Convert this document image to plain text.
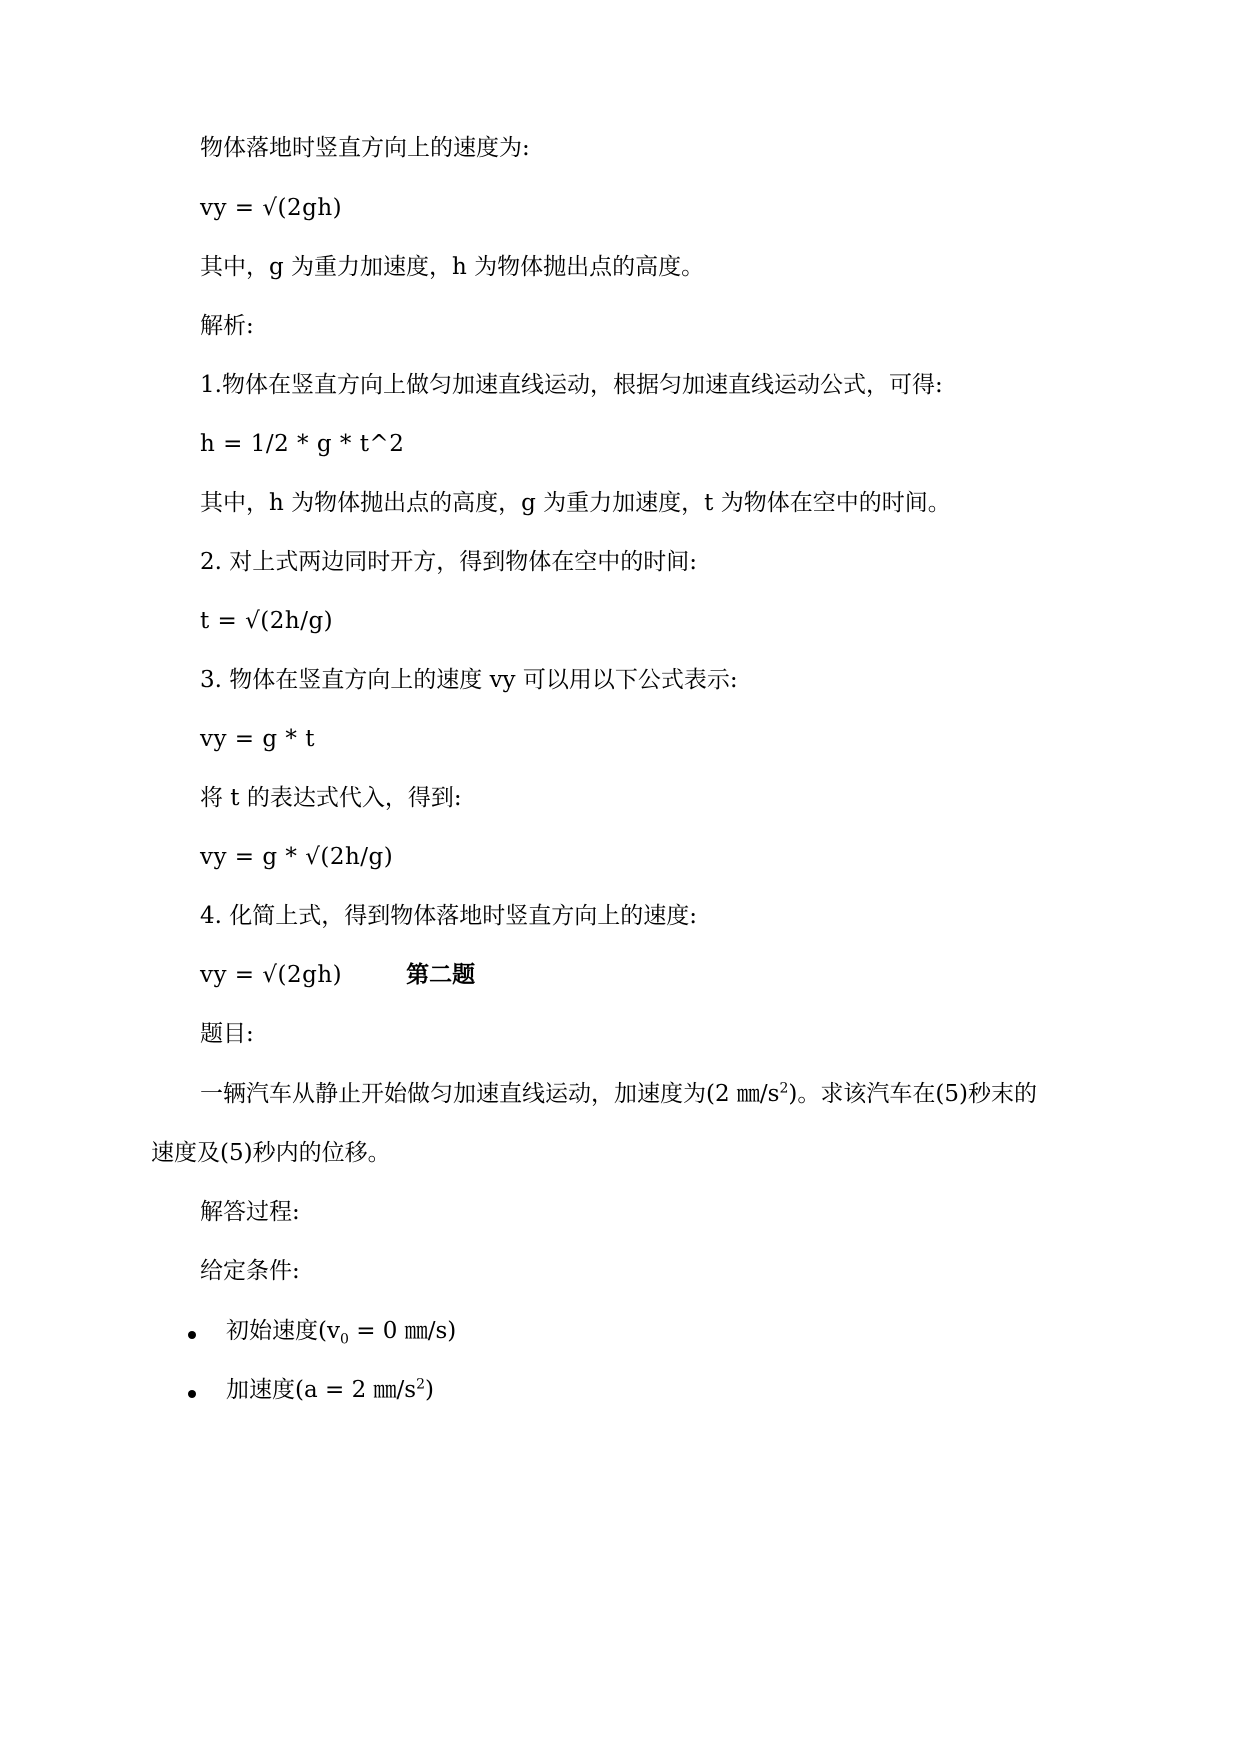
物体落地时竖直方向上的速度为:
vy = √(2gh)
其中，g 为重力加速度，h 为物体抛出点的高度。
解析:
1.物体在竖直方向上做匀加速直线运动，根据匀加速直线运动公式，可得:
h = 1/2 * g * t^2
其中，h 为物体抛出点的高度，g 为重力加速度，t 为物体在空中的时间。
2. 对上式两边同时开方，得到物体在空中的时间:
t = √(2h/g)
3. 物体在竖直方向上的速度 vy 可以用以下公式表示:
vy = g * t
将 t 的表达式代入，得到:
vy = g * √(2h/g)
4. 化简上式，得到物体落地时竖直方向上的速度:
vy = √(2gh)	第二题
题目:
一辆汽车从静止开始做匀加速直线运动，加速度为(2 $㎜/s^2$)。求该汽车在(5)秒末的
速度及(5)秒内的位移。
解答过程:
给定条件:
初始速度($v_0 = 0$ ㎜/s)
加速度(a = 2 $㎜/s^2$)
